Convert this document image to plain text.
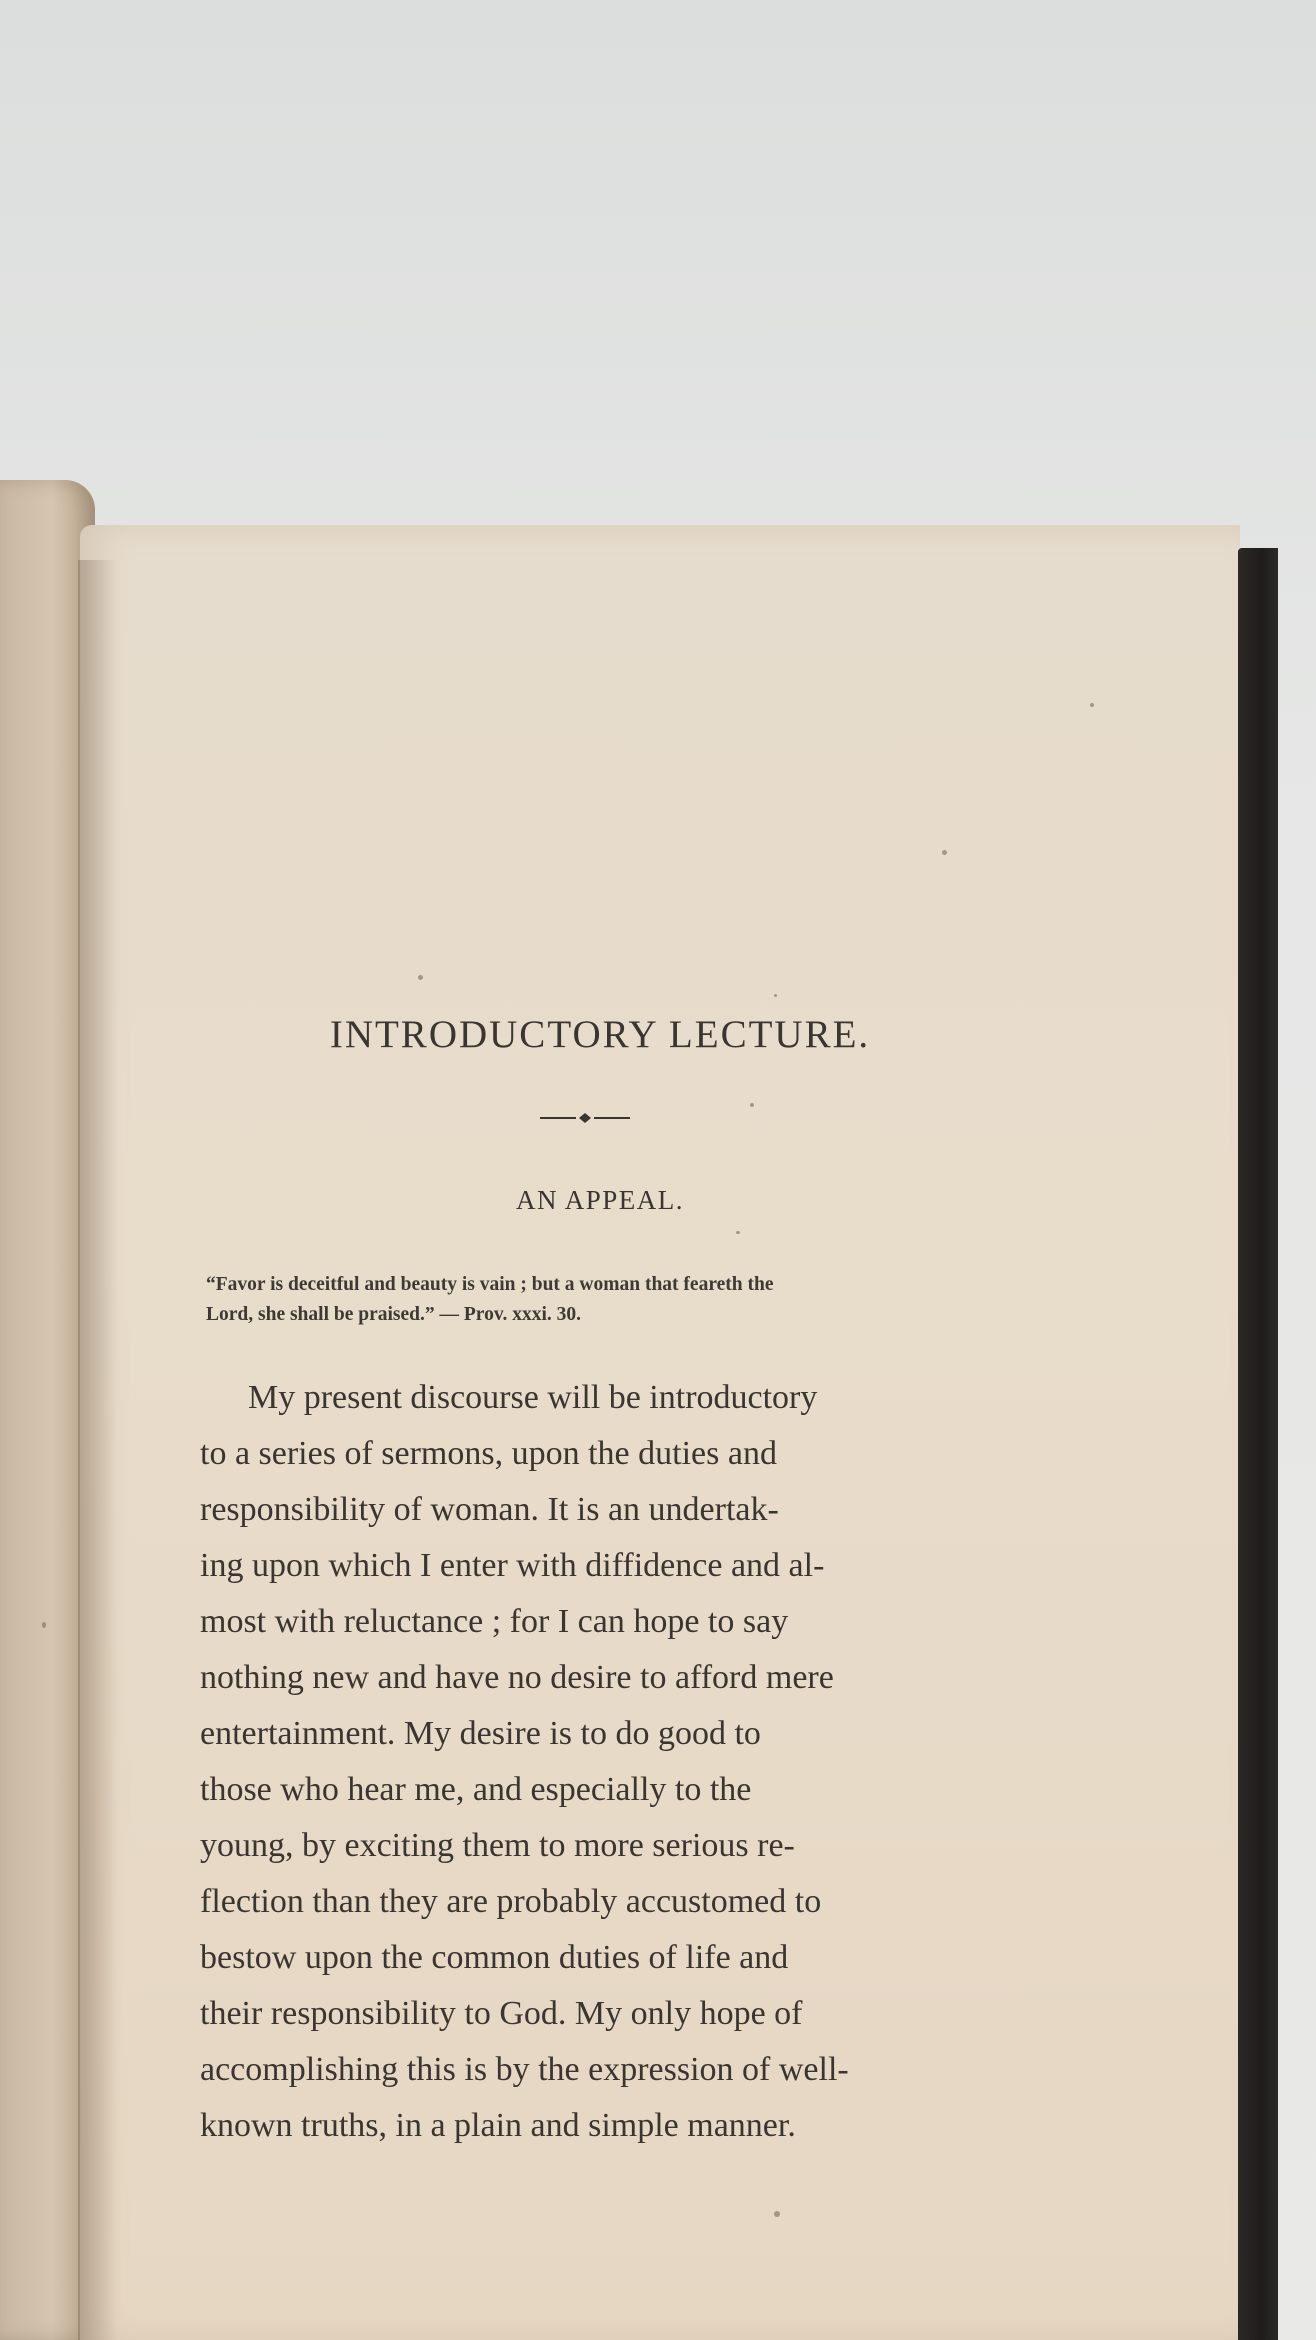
INTRODUCTORY LECTURE.
AN APPEAL.
“Favor is deceitful and beauty is vain ; but a woman that feareth the
Lord, she shall be praised.” — Prov. xxxi. 30.
My present discourse will be introductory
to a series of sermons, upon the duties and
responsibility of woman. It is an undertak-
ing upon which I enter with diffidence and al-
most with reluctance ; for I can hope to say
nothing new and have no desire to afford mere
entertainment. My desire is to do good to
those who hear me, and especially to the
young, by exciting them to more serious re-
flection than they are probably accustomed to
bestow upon the common duties of life and
their responsibility to God. My only hope of
accomplishing this is by the expression of well-
known truths, in a plain and simple manner.
